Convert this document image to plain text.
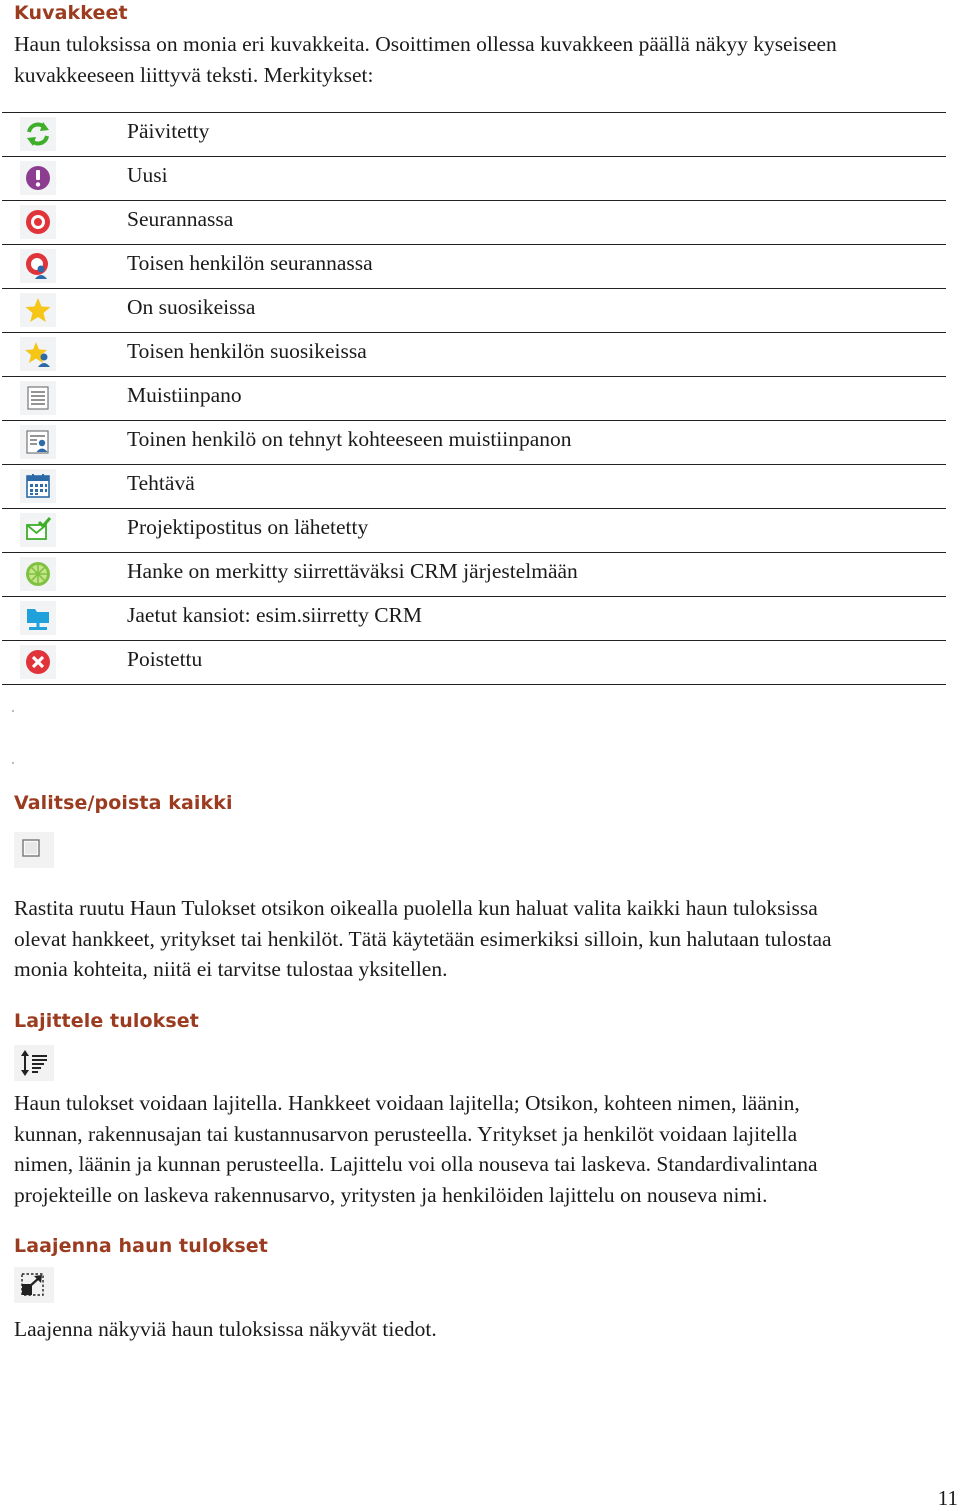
Kuvakkeet
Haun tuloksissa on monia eri kuvakkeita. Osoittimen ollessa kuvakkeen päällä näkyy kyseiseen
kuvakkeeseen liittyvä teksti. Merkitykset:
Päivitetty
Uusi
Seurannassa
Toisen henkilön seurannassa
On suosikeissa
Toisen henkilön suosikeissa
Muistiinpano
Toinen henkilö on tehnyt kohteeseen muistiinpanon
Tehtävä
Projektipostitus on lähetetty
Hanke on merkitty siirrettäväksi CRM järjestelmään
Jaetut kansiot: esim.siirretty CRM
Poistettu
Valitse/poista kaikki
Rastita ruutu Haun Tulokset otsikon oikealla puolella kun haluat valita kaikki haun tuloksissa
olevat hankkeet, yritykset tai henkilöt. Tätä käytetään esimerkiksi silloin, kun halutaan tulostaa
monia kohteita, niitä ei tarvitse tulostaa yksitellen.
Lajittele tulokset
Haun tulokset voidaan lajitella. Hankkeet voidaan lajitella; Otsikon, kohteen nimen, läänin,
kunnan, rakennusajan tai kustannusarvon perusteella. Yritykset ja henkilöt voidaan lajitella
nimen, läänin ja kunnan perusteella. Lajittelu voi olla nouseva tai laskeva. Standardivalintana
projekteille on laskeva rakennusarvo, yritysten ja henkilöiden lajittelu on nouseva nimi.
Laajenna haun tulokset
Laajenna näkyviä haun tuloksissa näkyvät tiedot.
11
